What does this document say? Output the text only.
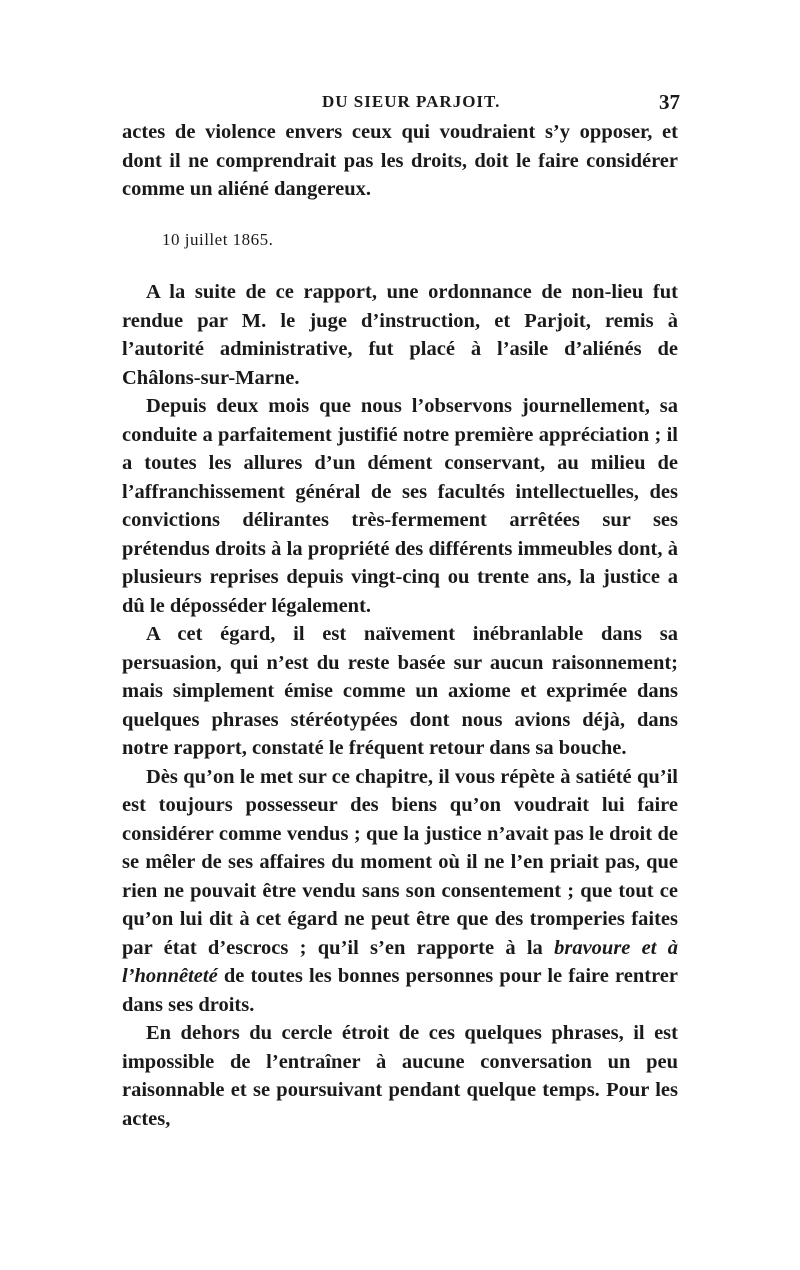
DU SIEUR PARJOIT.	37

actes de violence envers ceux qui voudraient s’y opposer, et dont il ne comprendrait pas les droits, doit le faire considérer comme un aliéné dangereux.

10 juillet 1865.

A la suite de ce rapport, une ordonnance de non-lieu fut rendue par M. le juge d’instruction, et Parjoit, remis à l’autorité administrative, fut placé à l’asile d’aliénés de Châlons-sur-Marne.

Depuis deux mois que nous l’observons journellement, sa conduite a parfaitement justifié notre première appréciation ; il a toutes les allures d’un dément conservant, au milieu de l’affranchissement général de ses facultés intellectuelles, des convictions délirantes très-fermement arrêtées sur ses prétendus droits à la propriété des différents immeubles dont, à plusieurs reprises depuis vingt-cinq ou trente ans, la justice a dû le déposséder légalement.

A cet égard, il est naïvement inébranlable dans sa persuasion, qui n’est du reste basée sur aucun raisonnement; mais simplement émise comme un axiome et exprimée dans quelques phrases stéréotypées dont nous avions déjà, dans notre rapport, constaté le fréquent retour dans sa bouche.

Dès qu’on le met sur ce chapitre, il vous répète à satiété qu’il est toujours possesseur des biens qu’on voudrait lui faire considérer comme vendus ; que la justice n’avait pas le droit de se mêler de ses affaires du moment où il ne l’en priait pas, que rien ne pouvait être vendu sans son consentement ; que tout ce qu’on lui dit à cet égard ne peut être que des tromperies faites par état d’escrocs ; qu’il s’en rapporte à la bravoure et à l’honnêteté de toutes les bonnes personnes pour le faire rentrer dans ses droits.

En dehors du cercle étroit de ces quelques phrases, il est impossible de l’entraîner à aucune conversation un peu raisonnable et se poursuivant pendant quelque temps. Pour les actes,
